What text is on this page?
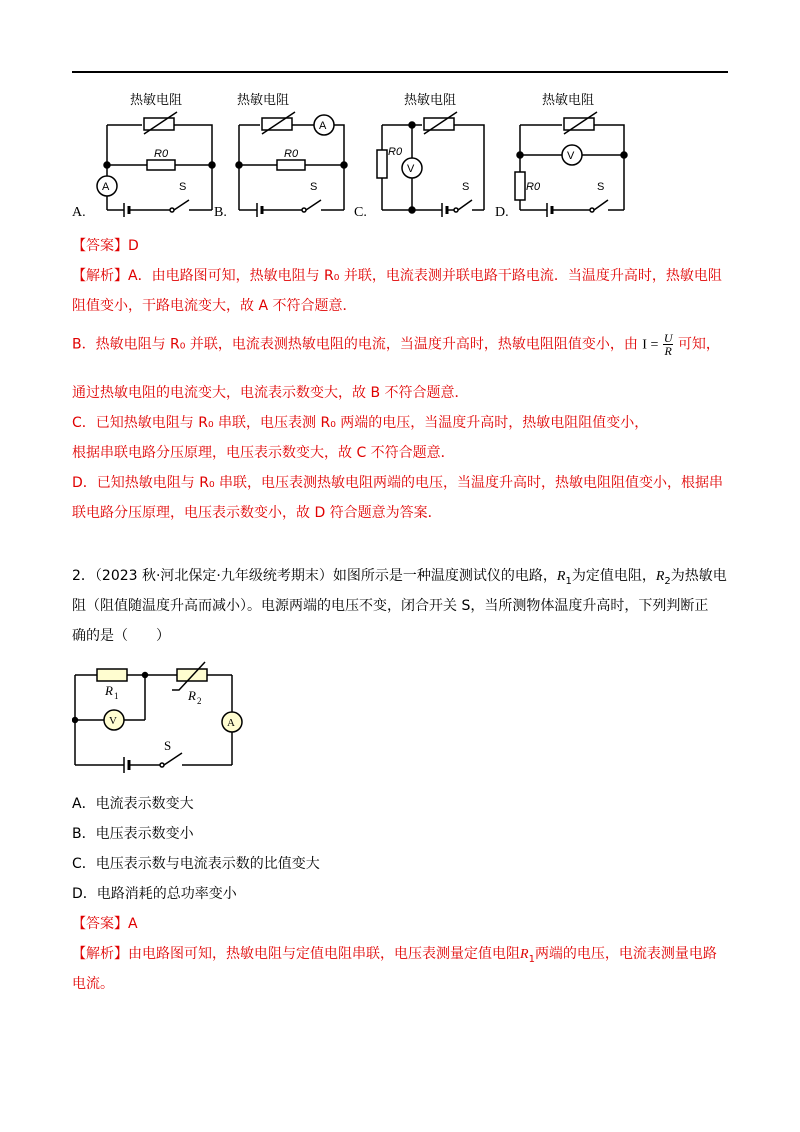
热敏电阻
R0
A	S
热敏电阻
A
R0
S
热敏电阻
V
R0
S
热敏电阻
V
R0	S
A.	B.	C.	D.
【答案】D
【解析】A．由电路图可知，热敏电阻与 R₀ 并联，电流表测并联电路干路电流．当温度升高时，热敏电阻
阻值变小，干路电流变大，故 A 不符合题意．
B．热敏电阻与 R₀ 并联，电流表测热敏电阻的电流，当温度升高时，热敏电阻阻值变小，由 $I = \frac{U}{R}$ 可知，
通过热敏电阻的电流变大，电流表示数变大，故 B 不符合题意．
C．已知热敏电阻与 R₀ 串联，电压表测 R₀ 两端的电压，当温度升高时，热敏电阻阻值变小，
根据串联电路分压原理，电压表示数变大，故 C 不符合题意．
D．已知热敏电阻与 R₀ 串联，电压表测热敏电阻两端的电压，当温度升高时，热敏电阻阻值变小，根据串
联电路分压原理，电压表示数变小，故 D 符合题意为答案．
2．（2023 秋·河北保定·九年级统考期末）如图所示是一种温度测试仪的电路，$R_1$为定值电阻，$R_2$为热敏电
阻（阻值随温度升高而减小）。电源两端的电压不变，闭合开关 S，当所测物体温度升高时，下列判断正
确的是（　　）
A
V
R 1	R 2
S
A．电流表示数变大
B．电压表示数变小
C．电压表示数与电流表示数的比值变大
D．电路消耗的总功率变小
【答案】A
【解析】由电路图可知，热敏电阻与定值电阻串联，电压表测量定值电阻$R_1$两端的电压，电流表测量电路
电流。
